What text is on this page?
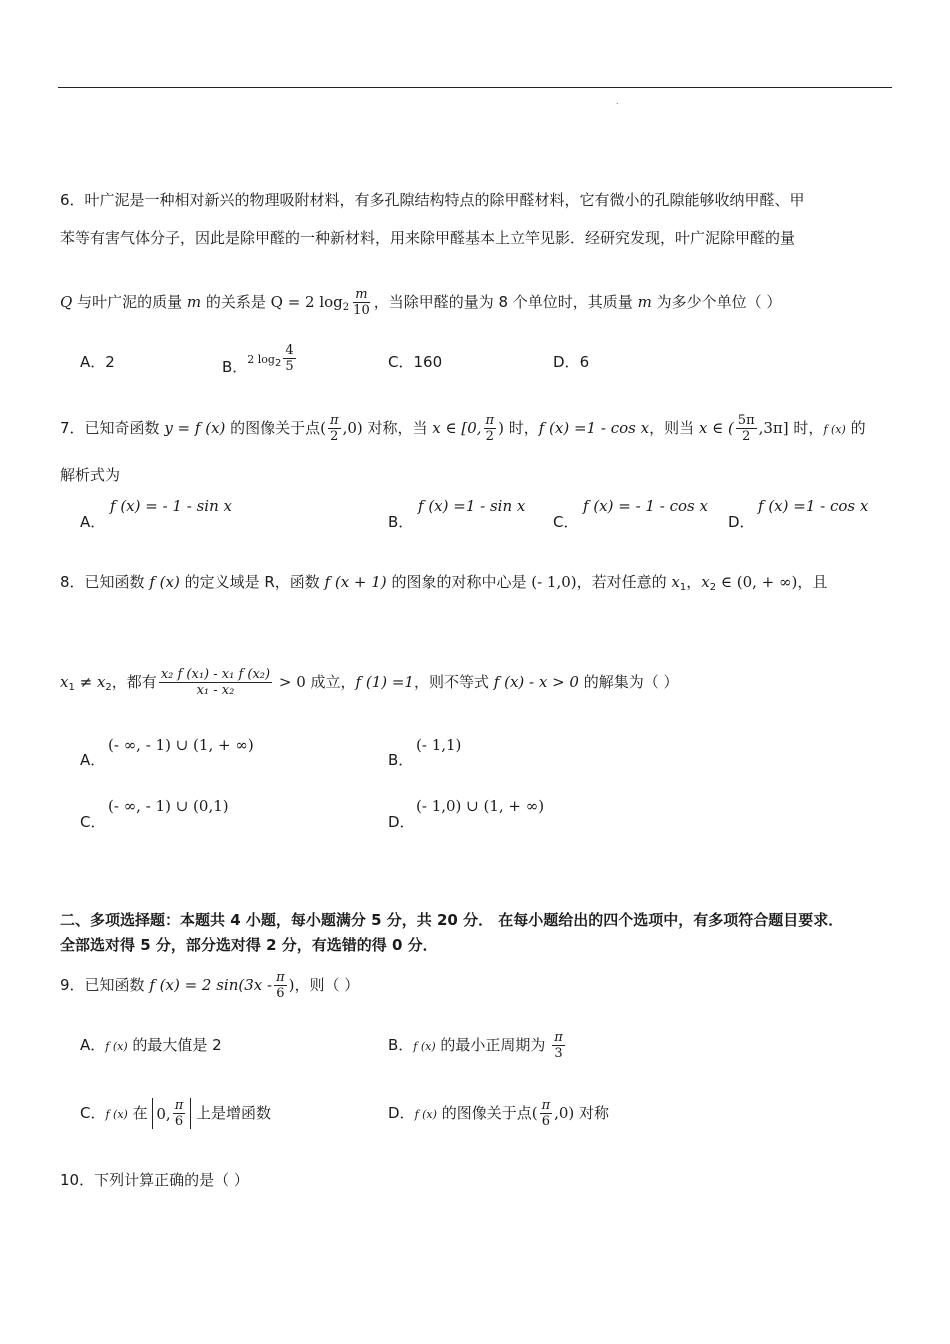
.
6．叶广泥是一种相对新兴的物理吸附材料，有多孔隙结构特点的除甲醛材料，它有微小的孔隙能够收纳甲醛、甲
苯等有害气体分子，因此是除甲醛的一种新材料，用来除甲醛基本上立竿见影．经研究发现，叶广泥除甲醛的量
Q 与叶广泥的质量 m 的关系是 Q = 2 $\log_2 \frac{m}{10}$ ，当除甲醛的量为 8 个单位时，其质量 m 为多少个单位（ ）
A．2	B．2 $\log_2 \frac{4}{5}$	C．160	D．6
7．已知奇函数 y = f (x) 的图像关于点( $\frac{\pi}{2} ,0$) 对称，当 x ∈ [0, $\frac{\pi}{2}$ ) 时，f (x) =1 - cos x，则当 x ∈ ( $\frac{5\pi}{2} ,3\pi$] 时，f (x) 的
解析式为
A．
f (x) = - 1 - sin x
B．
f (x) =1 - sin x
C．
f (x) = - 1 - cos x
D．
f (x) =1 - cos x
8．已知函数 f (x) 的定义域是 R，函数 f (x + 1) 的图象的对称中心是 (- 1,0)，若对任意的 $x_1$，$x_2$ ∈ (0, + ∞)，且
$x_1 \ne x_2$，都有 $\frac{\text{x₂ f (x₁) - x₁ f (x₂)}}{\text{x₁ - x₂}} > 0$ 成立，f (1) =1，则不等式 f (x) - x > 0 的解集为（ ）
A．
(- ∞, - 1) ∪ (1, + ∞)
B．
(- 1,1)
C．
(- ∞, - 1) ∪ (0,1)
D．
(- 1,0) ∪ (1, + ∞)
二、多项选择题：本题共 4 小题，每小题满分 5 分，共 20 分． 在每小题给出的四个选项中，有多项符合题目要求．
全部选对得 5 分，部分选对得 2 分，有选错的得 0 分．
9．已知函数 f (x) = 2 $\sin(3x - \frac{\pi}{6}$ )，则（ ）
A．f (x) 的最大值是 2	B．f (x) 的最小正周期为 $\frac{\pi}{3}$
C．f (x) 在 0, $\frac{\pi}{6}$ 上是增函数	D．f (x) 的图像关于点( $\frac{\pi}{6} ,0$) 对称
10．下列计算正确的是（ ）
